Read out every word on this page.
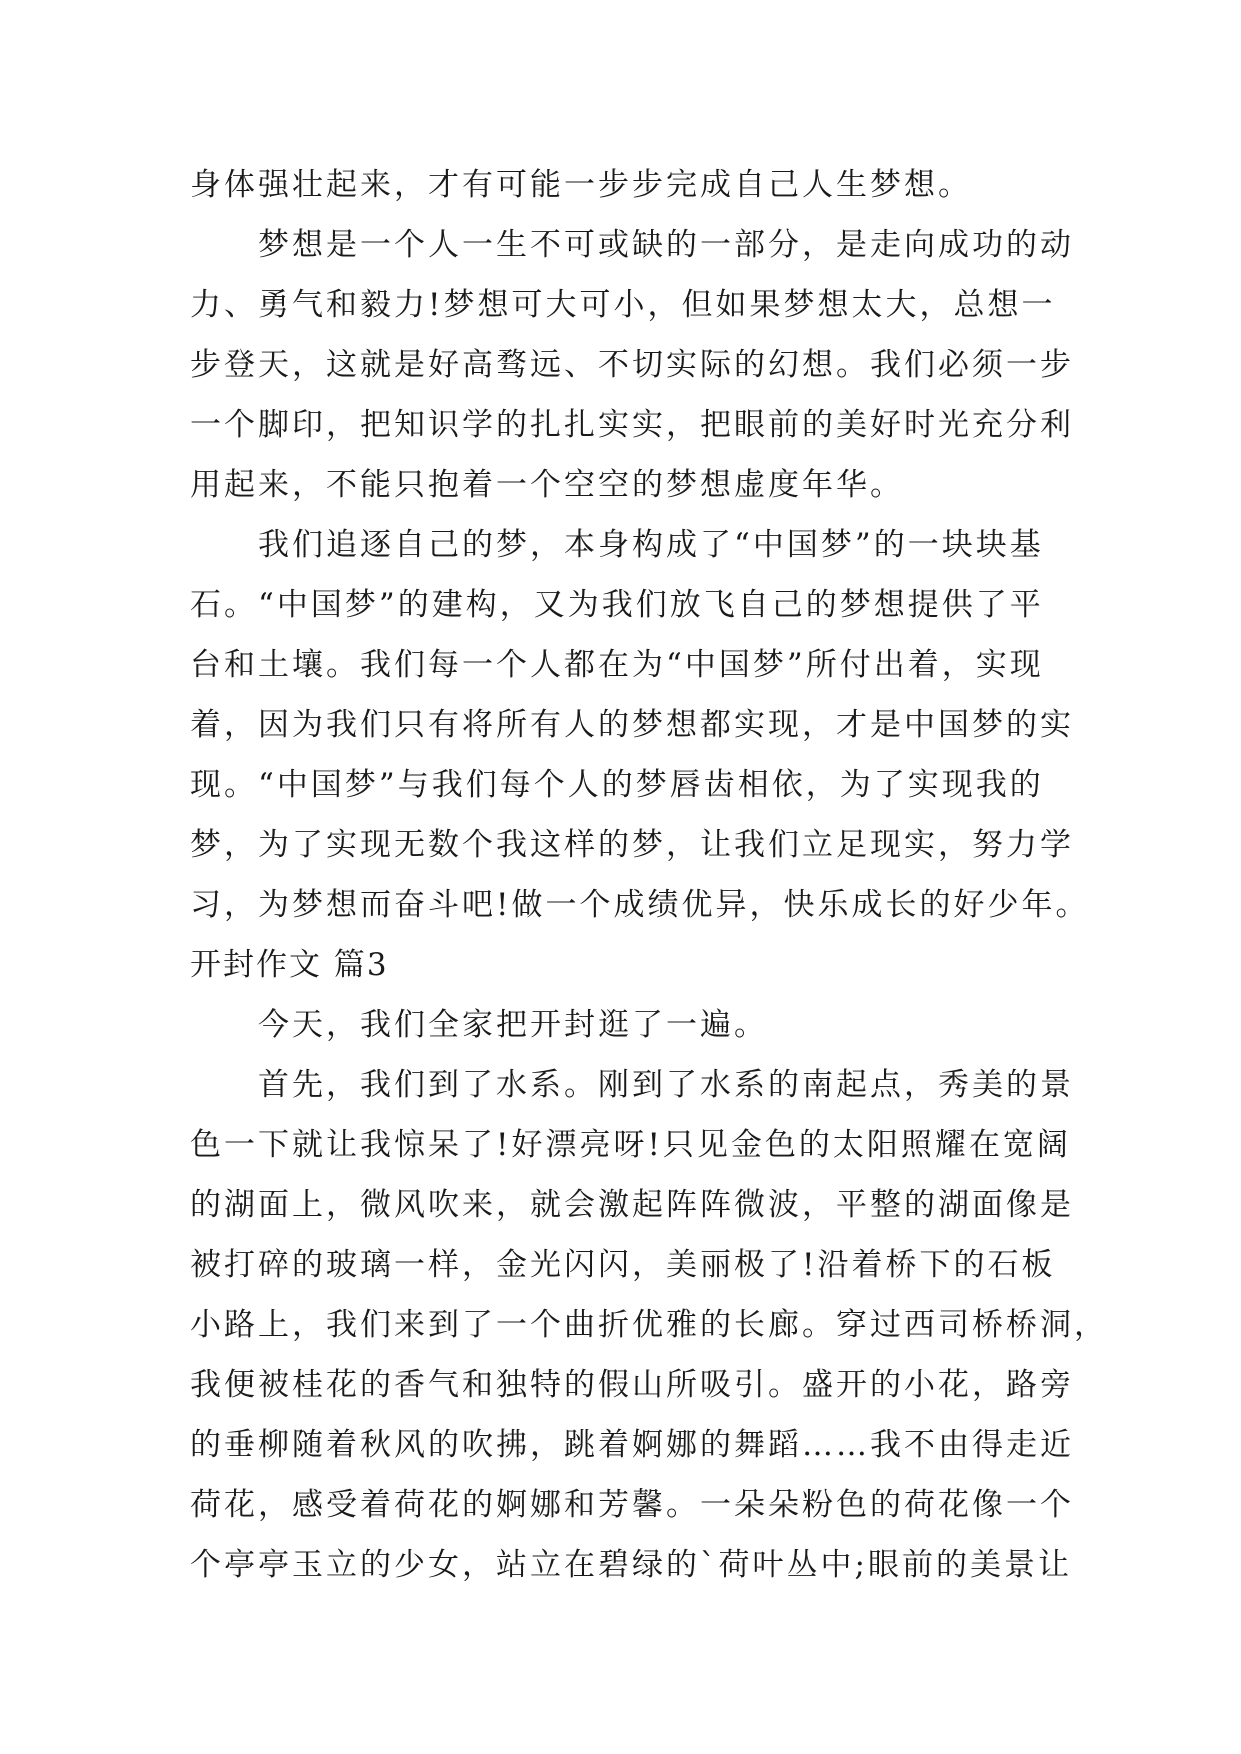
身体强壮起来，才有可能一步步完成自己人生梦想。
梦想是一个人一生不可或缺的一部分，是走向成功的动
力、勇气和毅力!梦想可大可小，但如果梦想太大，总想一
步登天，这就是好高骛远、不切实际的幻想。我们必须一步
一个脚印，把知识学的扎扎实实，把眼前的美好时光充分利
用起来，不能只抱着一个空空的梦想虚度年华。
我们追逐自己的梦，本身构成了“中国梦”的一块块基
石。“中国梦”的建构，又为我们放飞自己的梦想提供了平
台和土壤。我们每一个人都在为“中国梦”所付出着，实现
着，因为我们只有将所有人的梦想都实现，才是中国梦的实
现。“中国梦”与我们每个人的梦唇齿相依，为了实现我的
梦，为了实现无数个我这样的梦，让我们立足现实，努力学
习，为梦想而奋斗吧!做一个成绩优异，快乐成长的好少年。
开封作文 篇3
今天，我们全家把开封逛了一遍。
首先，我们到了水系。刚到了水系的南起点，秀美的景
色一下就让我惊呆了!好漂亮呀!只见金色的太阳照耀在宽阔
的湖面上，微风吹来，就会激起阵阵微波，平整的湖面像是
被打碎的玻璃一样，金光闪闪，美丽极了!沿着桥下的石板
小路上，我们来到了一个曲折优雅的长廊。穿过西司桥桥洞，
我便被桂花的香气和独特的假山所吸引。盛开的小花，路旁
的垂柳随着秋风的吹拂，跳着婀娜的舞蹈……我不由得走近
荷花，感受着荷花的婀娜和芳馨。一朵朵粉色的荷花像一个
个亭亭玉立的少女，站立在碧绿的`荷叶丛中;眼前的美景让
